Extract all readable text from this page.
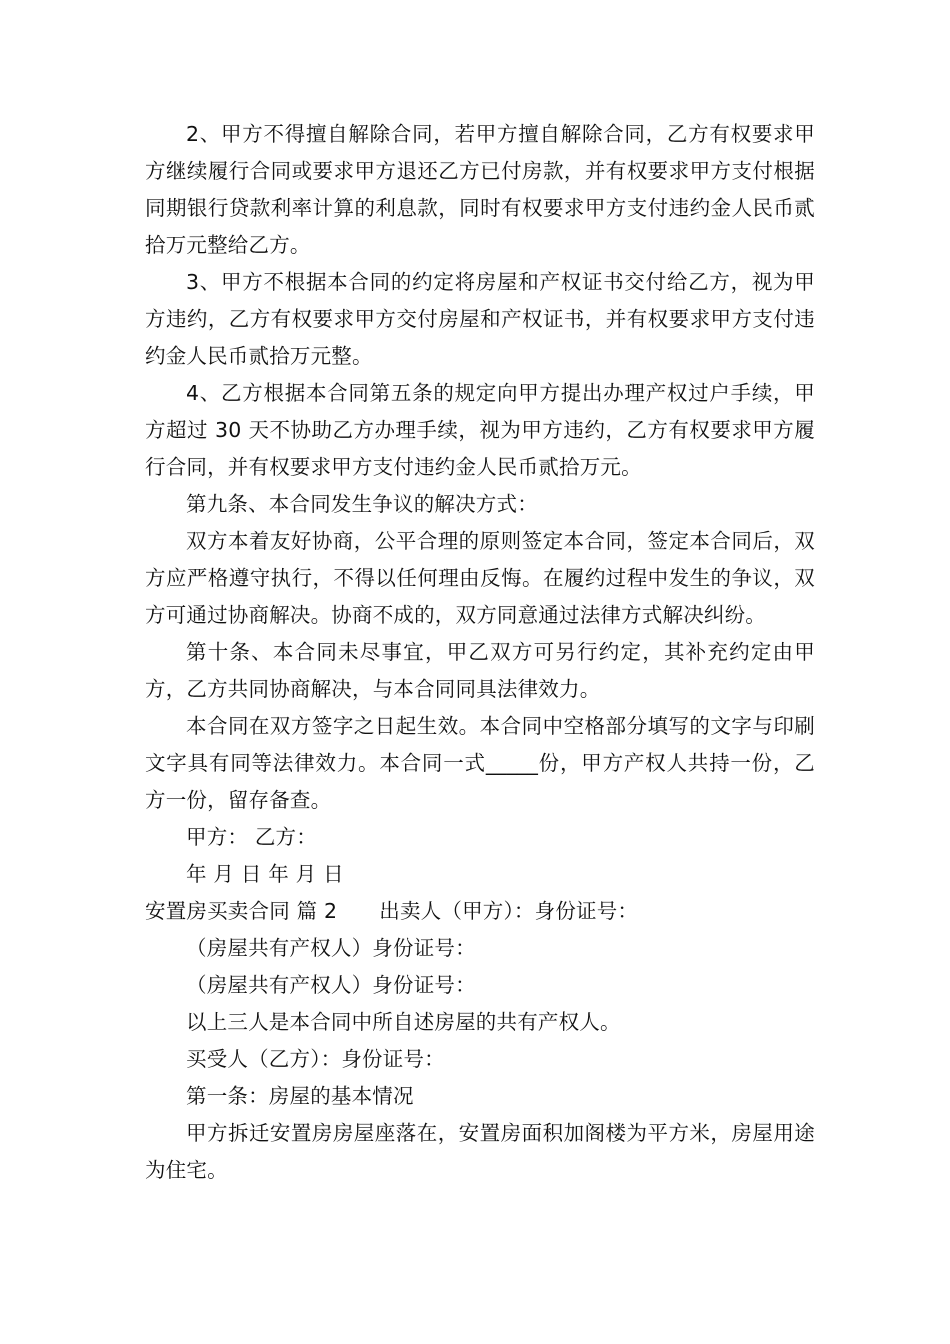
2、甲方不得擅自解除合同，若甲方擅自解除合同，乙方有权要求甲方继续履行合同或要求甲方退还乙方已付房款，并有权要求甲方支付根据同期银行贷款利率计算的利息款，同时有权要求甲方支付违约金人民币贰拾万元整给乙方。

3、甲方不根据本合同的约定将房屋和产权证书交付给乙方，视为甲方违约，乙方有权要求甲方交付房屋和产权证书，并有权要求甲方支付违约金人民币贰拾万元整。

4、乙方根据本合同第五条的规定向甲方提出办理产权过户手续，甲方超过 30 天不协助乙方办理手续，视为甲方违约，乙方有权要求甲方履行合同，并有权要求甲方支付违约金人民币贰拾万元。

第九条、本合同发生争议的解决方式：

双方本着友好协商，公平合理的原则签定本合同，签定本合同后，双方应严格遵守执行，不得以任何理由反悔。在履约过程中发生的争议，双方可通过协商解决。协商不成的，双方同意通过法律方式解决纠纷。

第十条、本合同未尽事宜，甲乙双方可另行约定，其补充约定由甲方，乙方共同协商解决，与本合同同具法律效力。

本合同在双方签字之日起生效。本合同中空格部分填写的文字与印刷文字具有同等法律效力。本合同一式_____份，甲方产权人共持一份，乙方一份，留存备查。

甲方： 乙方：

年 月 日 年 月 日

安置房买卖合同 篇 2 出卖人（甲方）：身份证号：

（房屋共有产权人）身份证号：

（房屋共有产权人）身份证号：

以上三人是本合同中所自述房屋的共有产权人。

买受人（乙方）：身份证号：

第一条：房屋的基本情况

甲方拆迁安置房房屋座落在，安置房面积加阁楼为平方米，房屋用途为住宅。
